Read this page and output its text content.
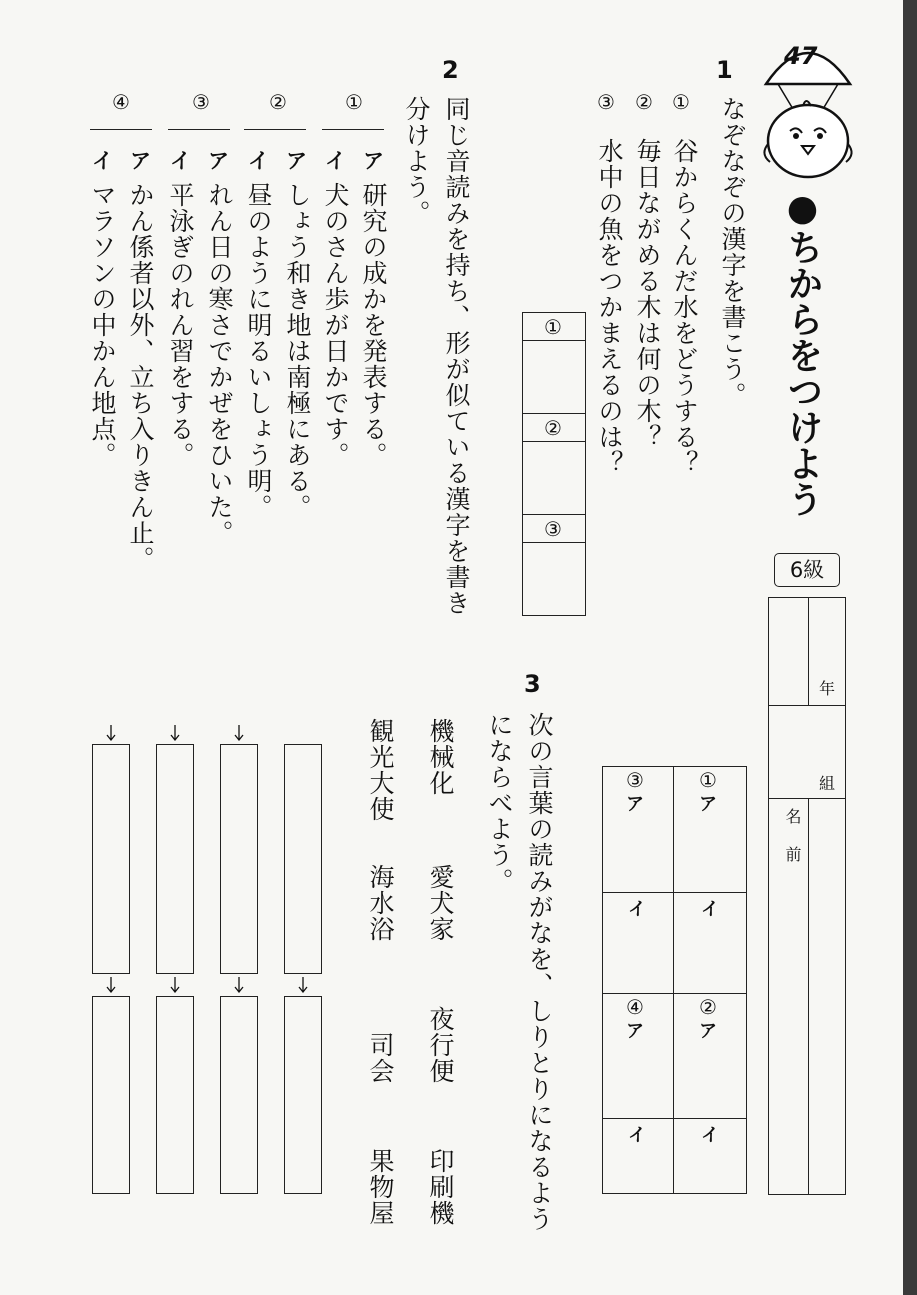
47
●ちからをつけよう
6級
年
組
名前
1
なぞなぞの漢字を書こう。
①
谷からくんだ水をどうする？
②
毎日ながめる木は何の木？
③
水中の魚をつかまえるのは？
①
②
③
2
同じ音読みを持ち、形が似ている漢字を書き
分けよう。
①
②
③
④
ア
イ
ア
イ
ア
イ
ア
イ
研究の成かを発表する。
犬のさん歩が日かです。
しょう和き地は南極にある。
昼のように明るいしょう明。
れん日の寒さでかぜをひいた。
平泳ぎのれん習をする。
かん係者以外、立ち入りきん止。
マラソンの中かん地点。
3
次の言葉の読みがなを、しりとりになるよう
にならべよう。
機械化
愛犬家
夜行便
印刷機
観光大使
海水浴
司会
果物屋
①
ア
イ
③
ア
イ
②
ア
イ
④
ア
イ
